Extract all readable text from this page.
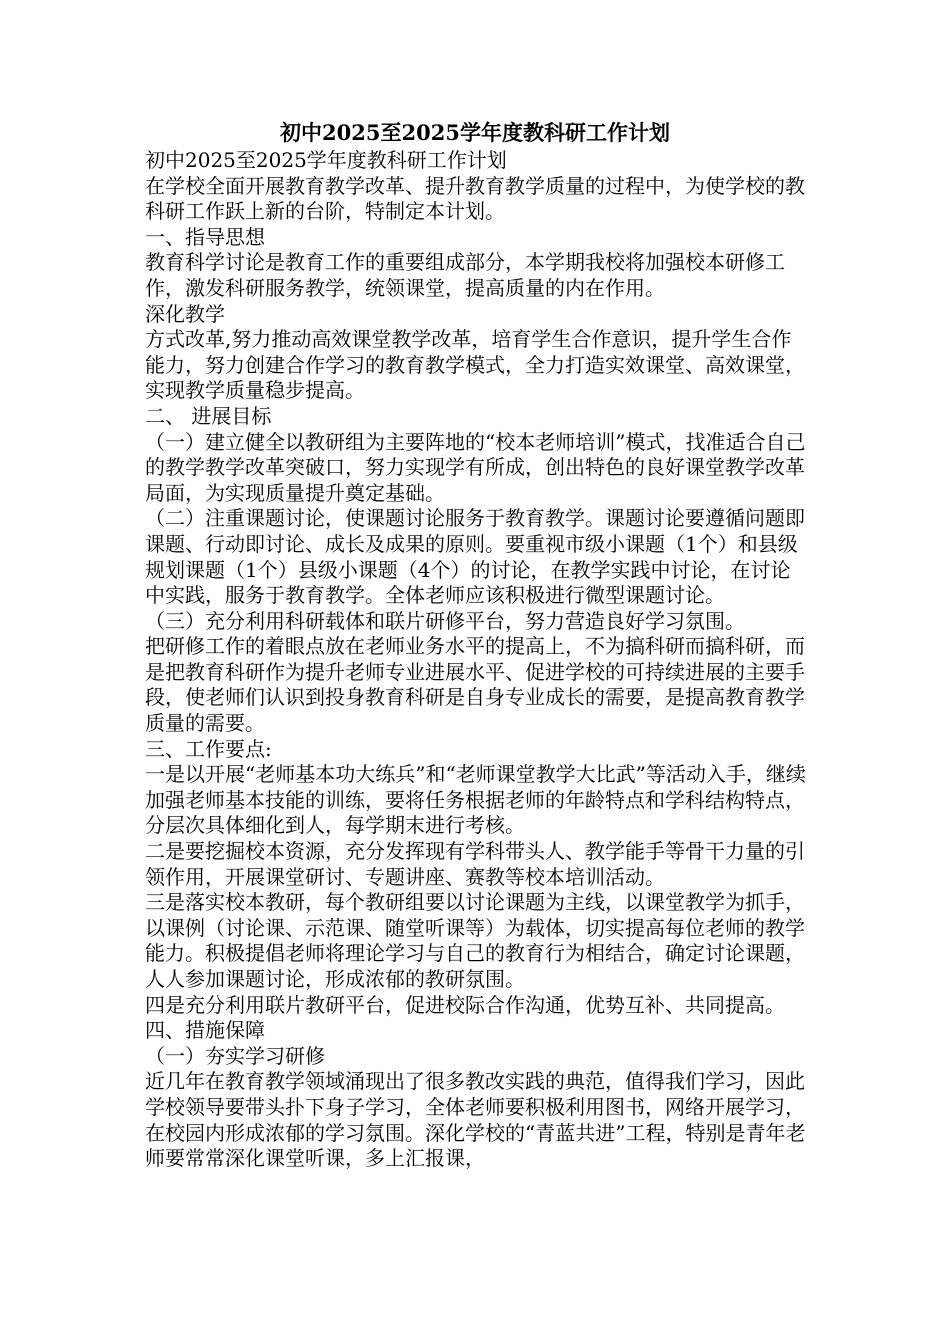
初中2025至2025学年度教科研工作计划

初中2025至2025学年度教科研工作计划

在学校全面开展教育教学改革、提升教育教学质量的过程中，为使学校的教科研工作跃上新的台阶，特制定本计划。

一、指导思想

教育科学讨论是教育工作的重要组成部分，本学期我校将加强校本研修工作，激发科研服务教学，统领课堂，提高质量的内在作用。

深化教学

方式改革,努力推动高效课堂教学改革，培育学生合作意识，提升学生合作能力，努力创建合作学习的教育教学模式，全力打造实效课堂、高效课堂，实现教学质量稳步提高。

二、 进展目标

（一）建立健全以教研组为主要阵地的“校本老师培训”模式，找准适合自己的教学教学改革突破口，努力实现学有所成，创出特色的良好课堂教学改革局面，为实现质量提升奠定基础。

（二）注重课题讨论，使课题讨论服务于教育教学。课题讨论要遵循问题即课题、行动即讨论、成长及成果的原则。要重视市级小课题（1个）和县级规划课题（1个）县级小课题（4个）的讨论，在教学实践中讨论，在讨论中实践，服务于教育教学。全体老师应该积极进行微型课题讨论。

（三）充分利用科研载体和联片研修平台，努力营造良好学习氛围。

把研修工作的着眼点放在老师业务水平的提高上，不为搞科研而搞科研，而是把教育科研作为提升老师专业进展水平、促进学校的可持续进展的主要手段，使老师们认识到投身教育科研是自身专业成长的需要，是提高教育教学质量的需要。

三、工作要点:

一是以开展“老师基本功大练兵”和“老师课堂教学大比武”等活动入手，继续加强老师基本技能的训练，要将任务根据老师的年龄特点和学科结构特点，分层次具体细化到人，每学期末进行考核。

二是要挖掘校本资源，充分发挥现有学科带头人、教学能手等骨干力量的引领作用，开展课堂研讨、专题讲座、赛教等校本培训活动。

三是落实校本教研，每个教研组要以讨论课题为主线，以课堂教学为抓手，以课例（讨论课、示范课、随堂听课等）为载体，切实提高每位老师的教学能力。积极提倡老师将理论学习与自己的教育行为相结合，确定讨论课题，人人参加课题讨论，形成浓郁的教研氛围。

四是充分利用联片教研平台，促进校际合作沟通，优势互补、共同提高。

四、措施保障

（一）夯实学习研修

近几年在教育教学领域涌现出了很多教改实践的典范，值得我们学习，因此学校领导要带头扑下身子学习，全体老师要积极利用图书，网络开展学习，在校园内形成浓郁的学习氛围。深化学校的“青蓝共进”工程，特别是青年老师要常常深化课堂听课，多上汇报课，
